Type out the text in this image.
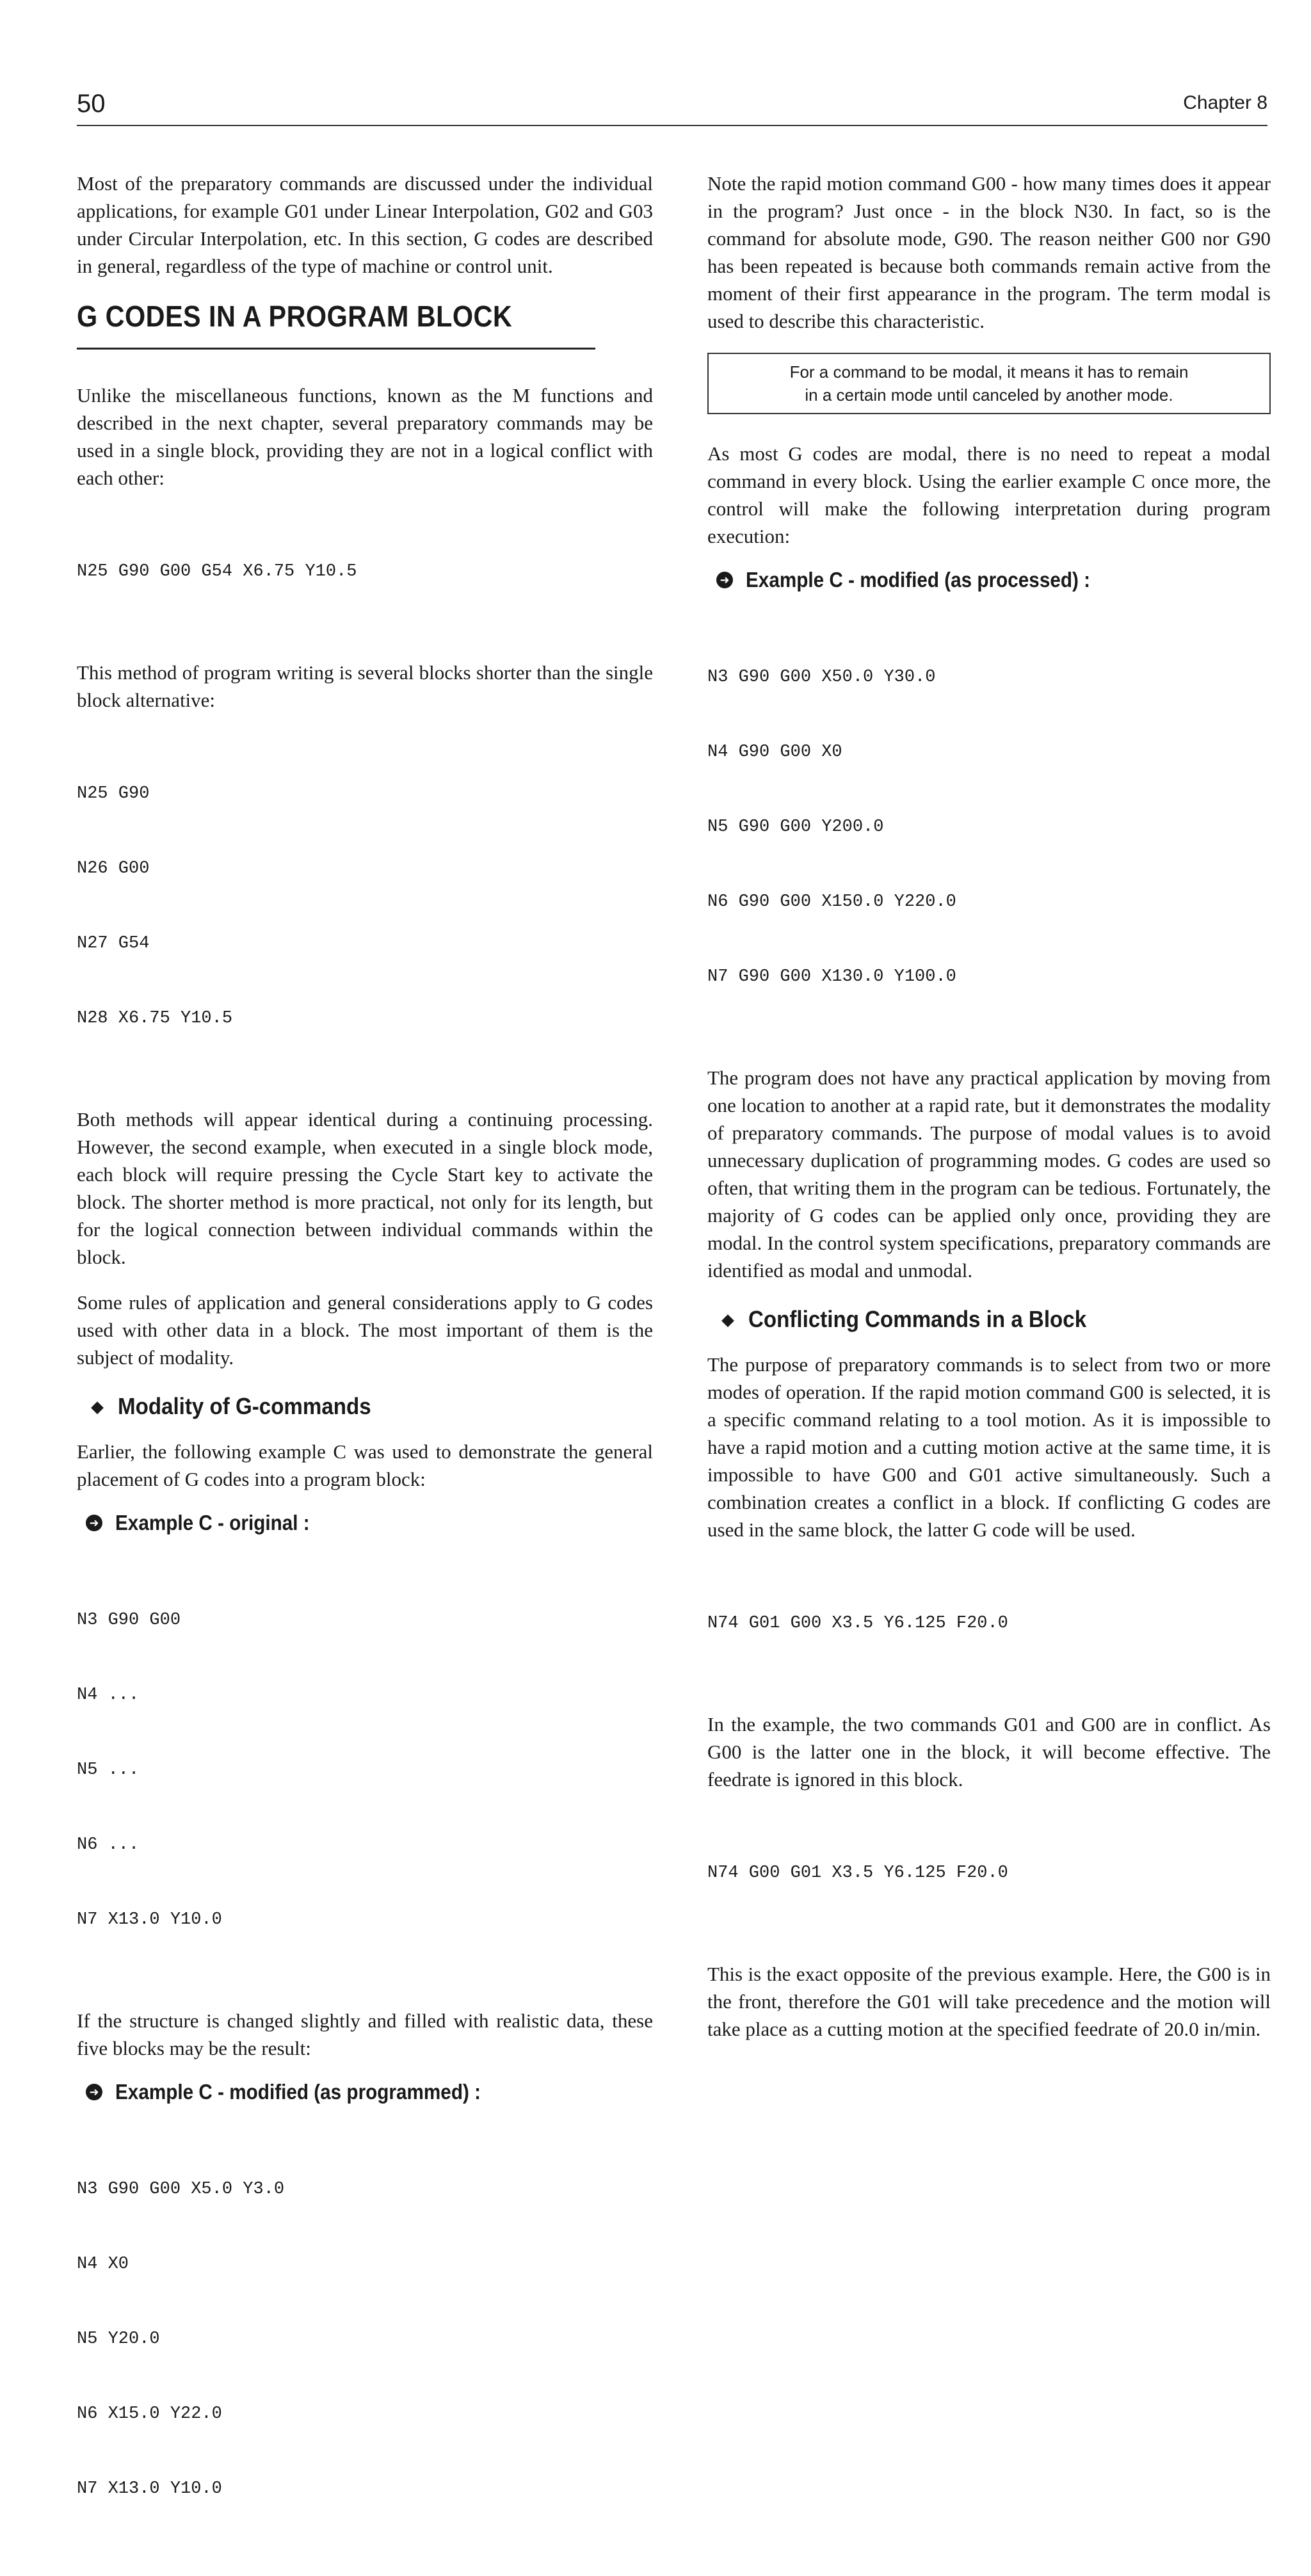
50	Chapter 8

Most of the preparatory commands are discussed under the individual applications, for example G01 under Linear Interpolation, G02 and G03 under Circular Interpolation, etc. In this section, G codes are described in general, regardless of the type of machine or control unit.

G CODES IN A PROGRAM BLOCK

Unlike the miscellaneous functions, known as the M functions and described in the next chapter, several preparatory commands may be used in a single block, providing they are not in a logical conflict with each other:

N25 G90 G00 G54 X6.75 Y10.5

This method of program writing is several blocks shorter than the single block alternative:

N25 G90

N26 G00

N27 G54

N28 X6.75 Y10.5

Both methods will appear identical during a continuing processing. However, the second example, when executed in a single block mode, each block will require pressing the Cycle Start key to activate the block. The shorter method is more practical, not only for its length, but for the logical connection between individual commands within the block.

Some rules of application and general considerations apply to G codes used with other data in a block. The most important of them is the subject of modality.

◆ Modality of G-commands

Earlier, the following example C was used to demonstrate the general placement of G codes into a program block:

➜ Example C - original :

N3 G90 G00

N4 ...

N5 ...

N6 ...

N7 X13.0 Y10.0

If the structure is changed slightly and filled with realistic data, these five blocks may be the result:

➜ Example C - modified (as programmed) :

N3 G90 G00 X5.0 Y3.0

N4 X0

N5 Y20.0

N6 X15.0 Y22.0

N7 X13.0 Y10.0

Note the rapid motion command G00 - how many times does it appear in the program? Just once - in the block N30. In fact, so is the command for absolute mode, G90. The reason neither G00 nor G90 has been repeated is because both commands remain active from the moment of their first appearance in the program. The term modal is used to describe this characteristic.

For a command to be modal, it means it has to remain
in a certain mode until canceled by another mode.

As most G codes are modal, there is no need to repeat a modal command in every block. Using the earlier example C once more, the control will make the following interpretation during program execution:

➜ Example C - modified (as processed) :

N3 G90 G00 X50.0 Y30.0

N4 G90 G00 X0

N5 G90 G00 Y200.0

N6 G90 G00 X150.0 Y220.0

N7 G90 G00 X130.0 Y100.0

The program does not have any practical application by moving from one location to another at a rapid rate, but it demonstrates the modality of preparatory commands. The purpose of modal values is to avoid unnecessary duplication of programming modes. G codes are used so often, that writing them in the program can be tedious. Fortunately, the majority of G codes can be applied only once, providing they are modal. In the control system specifications, preparatory commands are identified as modal and unmodal.

◆ Conflicting Commands in a Block

The purpose of preparatory commands is to select from two or more modes of operation. If the rapid motion command G00 is selected, it is a specific command relating to a tool motion. As it is impossible to have a rapid motion and a cutting motion active at the same time, it is impossible to have G00 and G01 active simultaneously. Such a combination creates a conflict in a block. If conflicting G codes are used in the same block, the latter G code will be used.

N74 G01 G00 X3.5 Y6.125 F20.0

In the example, the two commands G01 and G00 are in conflict. As G00 is the latter one in the block, it will become effective. The feedrate is ignored in this block.

N74 G00 G01 X3.5 Y6.125 F20.0

This is the exact opposite of the previous example. Here, the G00 is in the front, therefore the G01 will take precedence and the motion will take place as a cutting motion at the specified feedrate of 20.0 in/min.
